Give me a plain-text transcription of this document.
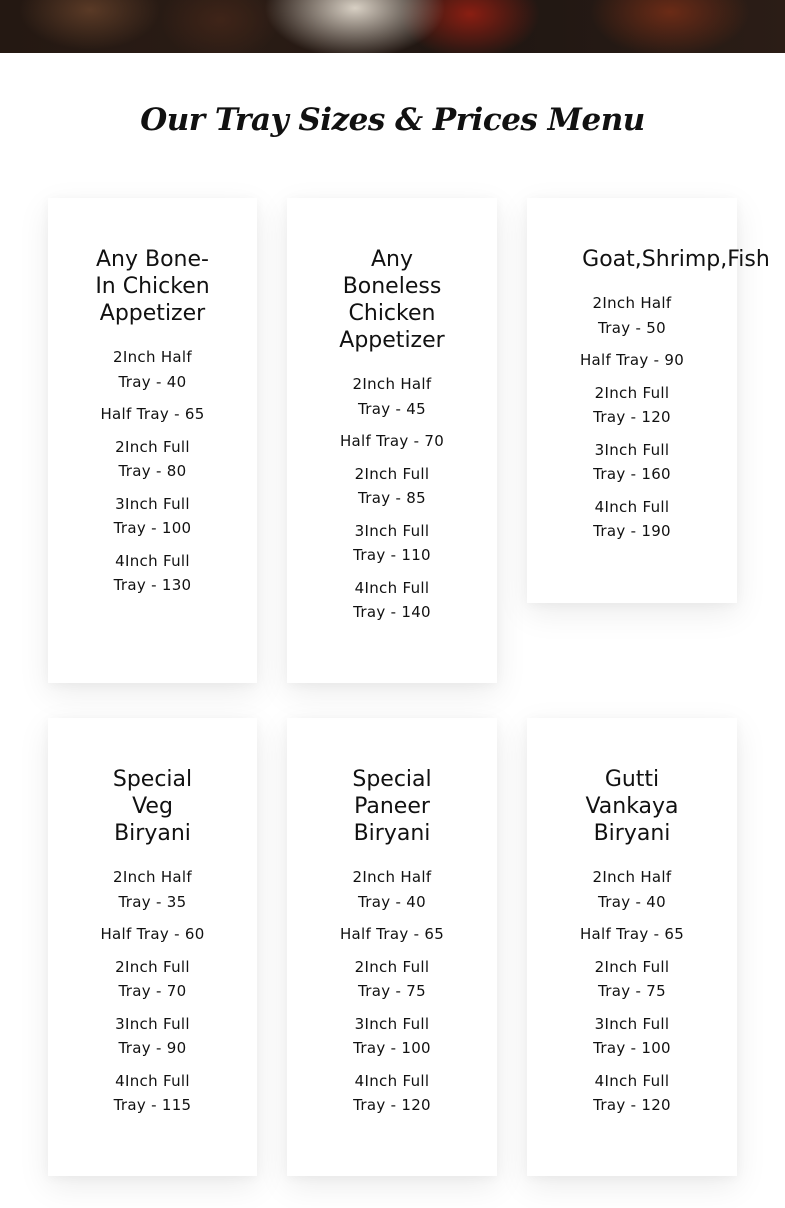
Our Tray Sizes & Prices Menu
Any Bone-In Chicken Appetizer
2Inch Half Tray - 40
Half Tray - 65
2Inch Full Tray - 80
3Inch Full Tray - 100
4Inch Full Tray - 130
Any Boneless Chicken Appetizer
2Inch Half Tray - 45
Half Tray - 70
2Inch Full Tray - 85
3Inch Full Tray - 110
4Inch Full Tray - 140
Goat,Shrimp,Fish
2Inch Half Tray - 50
Half Tray - 90
2Inch Full Tray - 120
3Inch Full Tray - 160
4Inch Full Tray - 190
Special Veg Biryani
2Inch Half Tray - 35
Half Tray - 60
2Inch Full Tray - 70
3Inch Full Tray - 90
4Inch Full Tray - 115
Special Paneer Biryani
2Inch Half Tray - 40
Half Tray - 65
2Inch Full Tray - 75
3Inch Full Tray - 100
4Inch Full Tray - 120
Gutti Vankaya Biryani
2Inch Half Tray - 40
Half Tray - 65
2Inch Full Tray - 75
3Inch Full Tray - 100
4Inch Full Tray - 120
